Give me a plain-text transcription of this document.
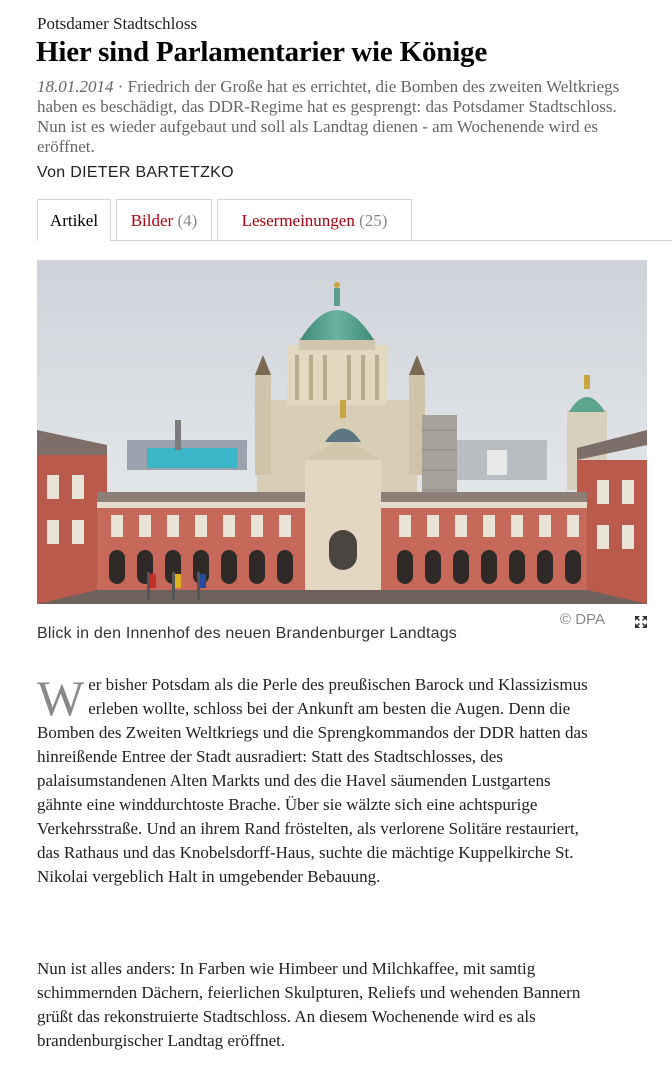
Potsdamer Stadtschloss
Hier sind Parlamentarier wie Könige
18.01.2014 · Friedrich der Große hat es errichtet, die Bomben des zweiten Weltkriegs haben es beschädigt, das DDR-Regime hat es gesprengt: das Potsdamer Stadtschloss. Nun ist es wieder aufgebaut und soll als Landtag dienen - am Wochenende wird es eröffnet.
Von DIETER BARTETZKO
Artikel	Bilder (4)	Lesermeinungen (25)
© DPA
Blick in den Innenhof des neuen Brandenburger Landtags
Wer bisher Potsdam als die Perle des preußischen Barock und Klassizismus erleben wollte, schloss bei der Ankunft am besten die Augen. Denn die Bomben des Zweiten Weltkriegs und die Sprengkommandos der DDR hatten das hinreißende Entree der Stadt ausradiert: Statt des Stadtschlosses, des palaisumstandenen Alten Markts und des die Havel säumenden Lustgartens gähnte eine winddurchtoste Brache. Über sie wälzte sich eine achtspurige Verkehrsstraße. Und an ihrem Rand fröstelten, als verlorene Solitäre restauriert, das Rathaus und das Knobelsdorff-Haus, suchte die mächtige Kuppelkirche St. Nikolai vergeblich Halt in umgebender Bebauung.
Nun ist alles anders: In Farben wie Himbeer und Milchkaffee, mit samtig schimmernden Dächern, feierlichen Skulpturen, Reliefs und wehenden Bannern grüßt das rekonstruierte Stadtschloss. An diesem Wochenende wird es als brandenburgischer Landtag eröffnet.
